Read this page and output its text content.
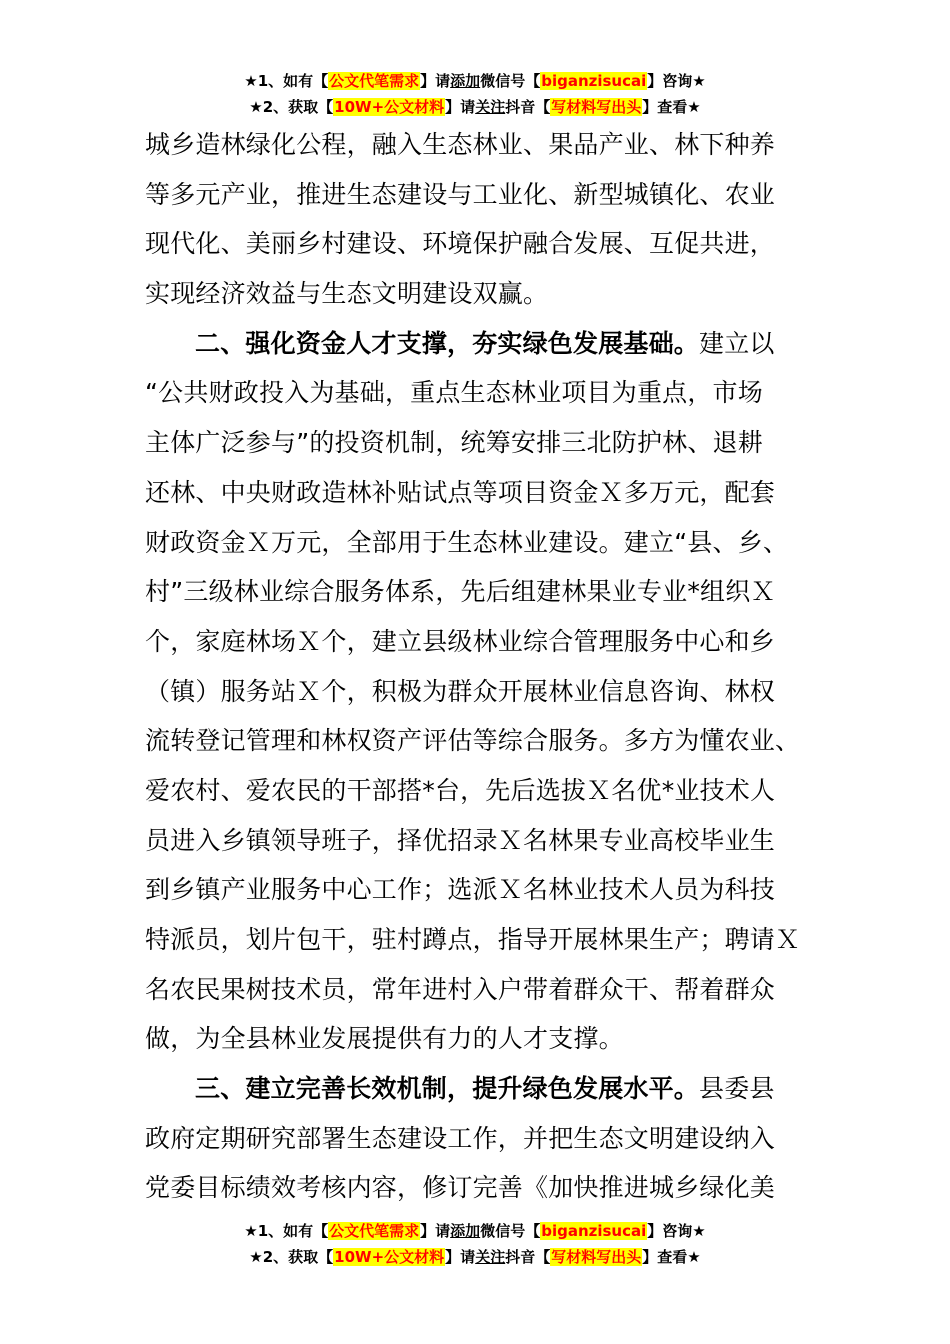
★1、如有【公文代笔需求】请添加微信号【biganzisucai】咨询★
★2、获取【10W+公文材料】请关注抖音【写材料写出头】查看★
城乡造林绿化公程，融入生态林业、果品产业、林下种养
等多元产业，推进生态建设与工业化、新型城镇化、农业
现代化、美丽乡村建设、环境保护融合发展、互促共进，
实现经济效益与生态文明建设双赢。
二、强化资金人才支撑，夯实绿色发展基础。建立以
“公共财政投入为基础，重点生态林业项目为重点，市场
主体广泛参与”的投资机制，统筹安排三北防护林、退耕
还林、中央财政造林补贴试点等项目资金Ｘ多万元，配套
财政资金Ｘ万元，全部用于生态林业建设。建立“县、乡、
村”三级林业综合服务体系，先后组建林果业专业*组织Ｘ
个，家庭林场Ｘ个，建立县级林业综合管理服务中心和乡
（镇）服务站Ｘ个，积极为群众开展林业信息咨询、林权
流转登记管理和林权资产评估等综合服务。多方为懂农业、
爱农村、爱农民的干部搭*台，先后选拔Ｘ名优*业技术人
员进入乡镇领导班子，择优招录Ｘ名林果专业高校毕业生
到乡镇产业服务中心工作；选派Ｘ名林业技术人员为科技
特派员，划片包干，驻村蹲点，指导开展林果生产；聘请Ｘ
名农民果树技术员，常年进村入户带着群众干、帮着群众
做，为全县林业发展提供有力的人才支撑。
三、建立完善长效机制，提升绿色发展水平。县委县
政府定期研究部署生态建设工作，并把生态文明建设纳入
党委目标绩效考核内容，修订完善《加快推进城乡绿化美
★1、如有【公文代笔需求】请添加微信号【biganzisucai】咨询★
★2、获取【10W+公文材料】请关注抖音【写材料写出头】查看★
